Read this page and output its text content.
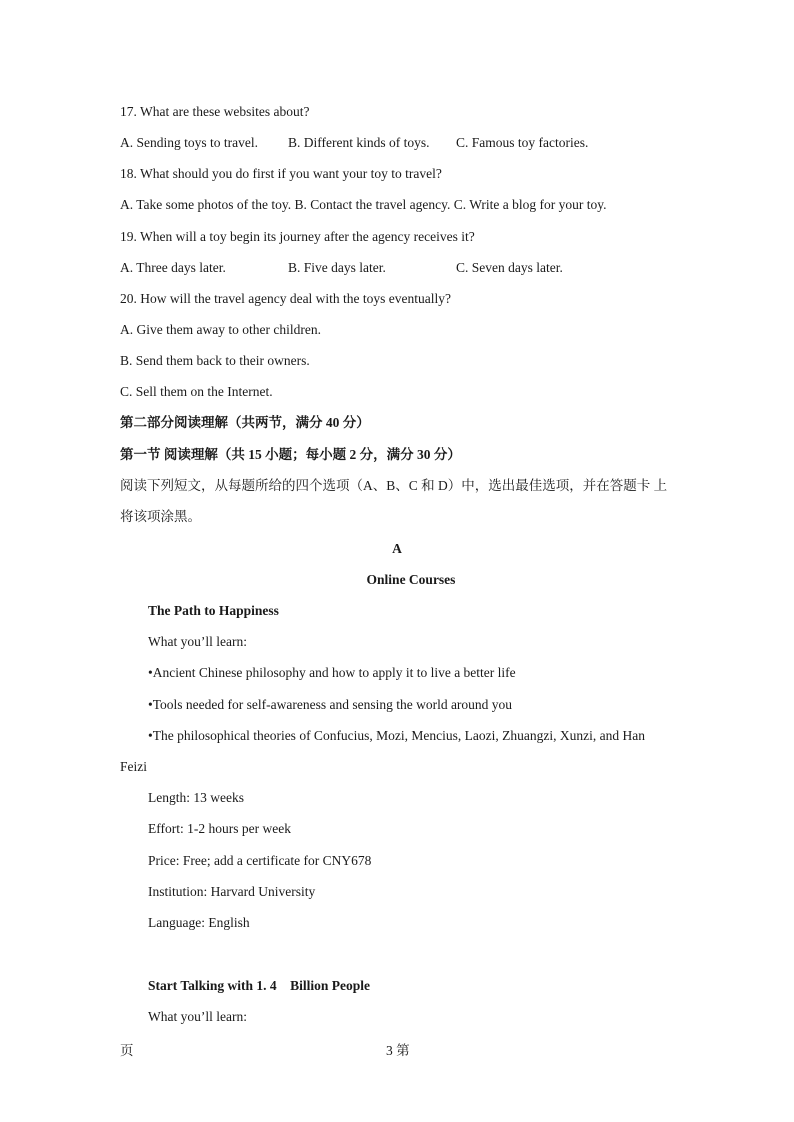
17. What are these websites about?
A. Sending toys to travel. B. Different kinds of toys. C. Famous toy factories.
18. What should you do first if you want your toy to travel?
A. Take some photos of the toy. B. Contact the travel agency. C. Write a blog for your toy.
19. When will a toy begin its journey after the agency receives it?
A. Three days later.	B. Five days later.	C. Seven days later.
20. How will the travel agency deal with the toys eventually?
A. Give them away to other children.
B. Send them back to their owners.
C. Sell them on the Internet.
第二部分阅读理解（共两节，满分 40 分）
第一节 阅读理解（共 15 小题；每小题 2 分，满分 30 分）
阅读下列短文，从每题所给的四个选项（A、B、C 和 D）中，选出最佳选项，并在答题卡 上
将该项涂黑。
A
Online Courses
The Path to Happiness
What you’ll learn:
•Ancient Chinese philosophy and how to apply it to live a better life
•Tools needed for self-awareness and sensing the world around you
•The philosophical theories of Confucius, Mozi, Mencius, Laozi, Zhuangzi, Xunzi, and Han
Feizi
Length: 13 weeks
Effort: 1-2 hours per week
Price: Free; add a certificate for CNY678
Institution: Harvard University
Language: English
Start Talking with 1. 4    Billion People
What you’ll learn:
页	3 第
